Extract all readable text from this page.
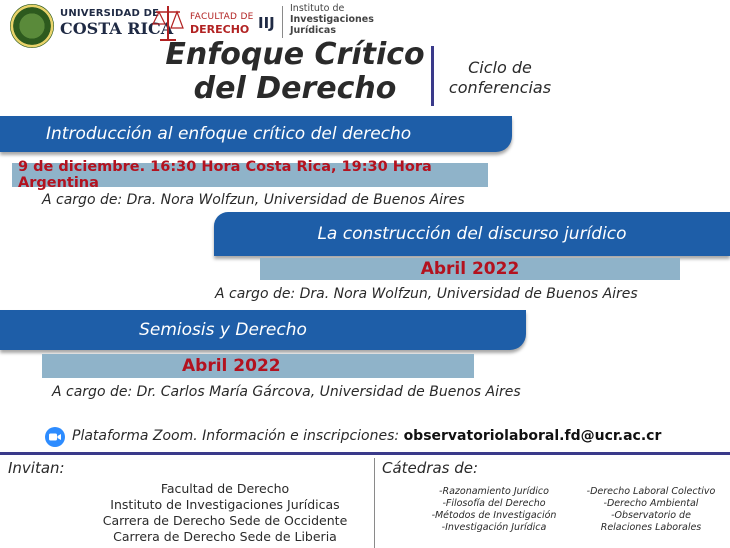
UNIVERSIDAD DE
COSTA RICA
FACULTAD DE
DERECHO IIJ
Instituto de
Investigaciones
Jurídicas
Enfoque Crítico
del Derecho
Ciclo de
conferencias
Introducción al enfoque crítico del derecho
9 de diciembre. 16:30 Hora Costa Rica, 19:30 Hora Argentina
A cargo de: Dra. Nora Wolfzun, Universidad de Buenos Aires
La construcción del discurso jurídico
Abril 2022
A cargo de: Dra. Nora Wolfzun, Universidad de Buenos Aires
Semiosis y Derecho
Abril 2022
A cargo de: Dr. Carlos María Gárcova, Universidad de Buenos Aires
Plataforma Zoom. Información e inscripciones: observatoriolaboral.fd@ucr.ac.cr
Invitan:
Facultad de Derecho
Instituto de Investigaciones Jurídicas
Carrera de Derecho Sede de Occidente
Carrera de Derecho Sede de Liberia
Cátedras de:
-Razonamiento Jurídico
-Filosofía del Derecho
-Métodos de Investigación
-Investigación Jurídica
-Derecho Laboral Colectivo
-Derecho Ambiental
-Observatorio de
Relaciones Laborales
